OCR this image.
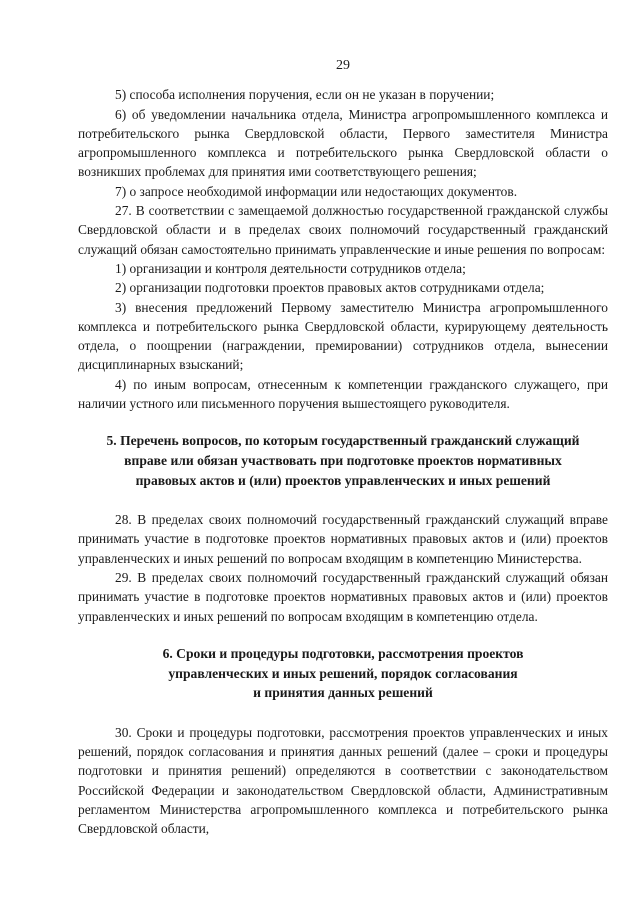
29

5) способа исполнения поручения, если он не указан в поручении;

6) об уведомлении начальника отдела, Министра агропромышленного комплекса и потребительского рынка Свердловской области, Первого заместителя Министра агропромышленного комплекса и потребительского рынка Свердловской области о возникших проблемах для принятия ими соответствующего решения;

7) о запросе необходимой информации или недостающих документов.

27. В соответствии с замещаемой должностью государственной гражданской службы Свердловской области и в пределах своих полномочий государственный гражданский служащий обязан самостоятельно принимать управленческие и иные решения по вопросам:

1) организации и контроля деятельности сотрудников отдела;

2) организации подготовки проектов правовых актов сотрудниками отдела;

3) внесения предложений Первому заместителю Министра агропромышленного комплекса и потребительского рынка Свердловской области, курирующему деятельность отдела, о поощрении (награждении, премировании) сотрудников отдела, вынесении дисциплинарных взысканий;

4) по иным вопросам, отнесенным к компетенции гражданского служащего, при наличии устного или письменного поручения вышестоящего руководителя.

5. Перечень вопросов, по которым государственный гражданский служащий

вправе или обязан участвовать при подготовке проектов нормативных

правовых актов и (или) проектов управленческих и иных решений

28. В пределах своих полномочий государственный гражданский служащий вправе принимать участие в подготовке проектов нормативных правовых актов и (или) проектов управленческих и иных решений по вопросам входящим в компетенцию Министерства.

29. В пределах своих полномочий государственный гражданский служащий обязан принимать участие в подготовке проектов нормативных правовых актов и (или) проектов управленческих и иных решений по вопросам входящим в компетенцию отдела.

6. Сроки и процедуры подготовки, рассмотрения проектов

управленческих и иных решений, порядок согласования

и принятия данных решений

30. Сроки и процедуры подготовки, рассмотрения проектов управленческих и иных решений, порядок согласования и принятия данных решений (далее – сроки и процедуры подготовки и принятия решений) определяются в соответствии с законодательством Российской Федерации и законодательством Свердловской области, Административным регламентом Министерства агропромышленного комплекса и потребительского рынка Свердловской области,
